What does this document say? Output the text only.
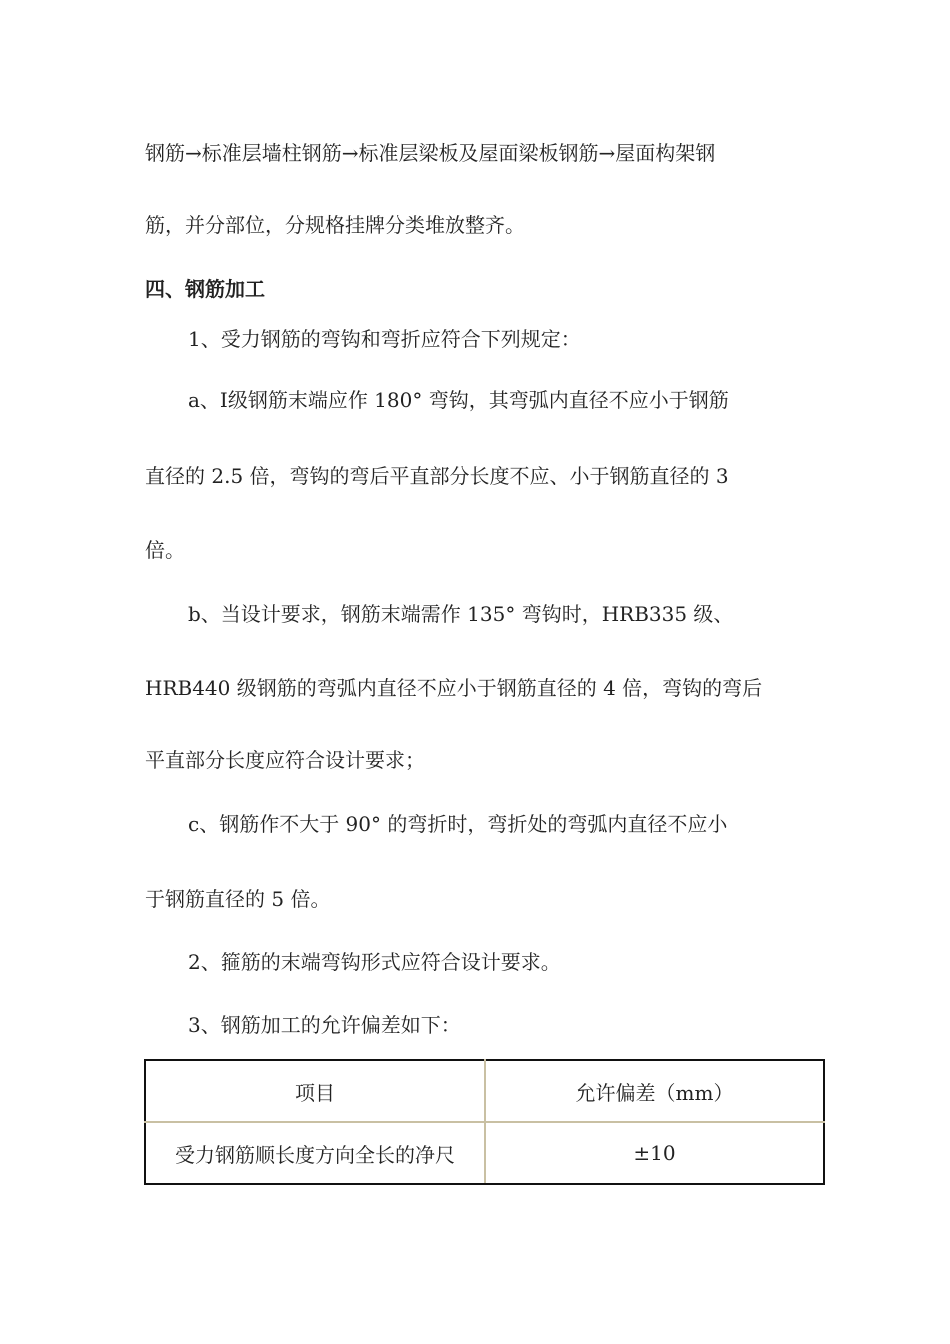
钢筋→标准层墙柱钢筋→标准层梁板及屋面梁板钢筋→屋面构架钢
筋，并分部位，分规格挂牌分类堆放整齐。
四、钢筋加工
1、受力钢筋的弯钩和弯折应符合下列规定：
a、Ⅰ级钢筋末端应作 180° 弯钩，其弯弧内直径不应小于钢筋
直径的 2.5 倍，弯钩的弯后平直部分长度不应、小于钢筋直径的 3
倍。
b、当设计要求，钢筋末端需作 135° 弯钩时，HRB335 级、
HRB440 级钢筋的弯弧内直径不应小于钢筋直径的 4 倍，弯钩的弯后
平直部分长度应符合设计要求；
c、钢筋作不大于 90° 的弯折时，弯折处的弯弧内直径不应小
于钢筋直径的 5 倍。
2、箍筋的末端弯钩形式应符合设计要求。
3、钢筋加工的允许偏差如下：
项目	允许偏差（mm）
受力钢筋顺长度方向全长的净尺	±10
